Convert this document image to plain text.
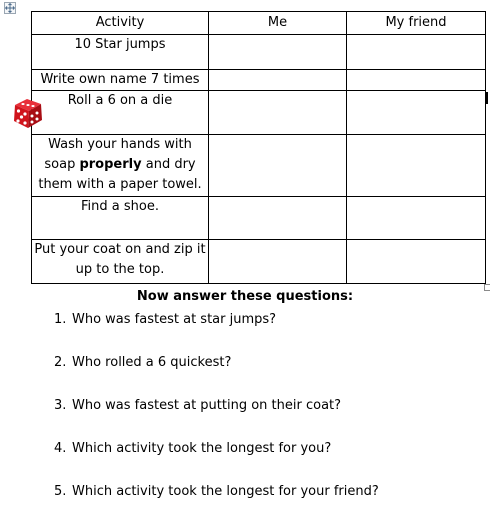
Activity	Me	My friend
10 Star jumps		
Write own name 7 times		
Roll a 6 on a die		
Wash your hands with soap properly and dry them with a paper towel.		
Find a shoe.		
Put your coat on and zip it up to the top.		
Now answer these questions:
1. Who was fastest at star jumps?
2. Who rolled a 6 quickest?
3. Who was fastest at putting on their coat?
4. Which activity took the longest for you?
5. Which activity took the longest for your friend?
